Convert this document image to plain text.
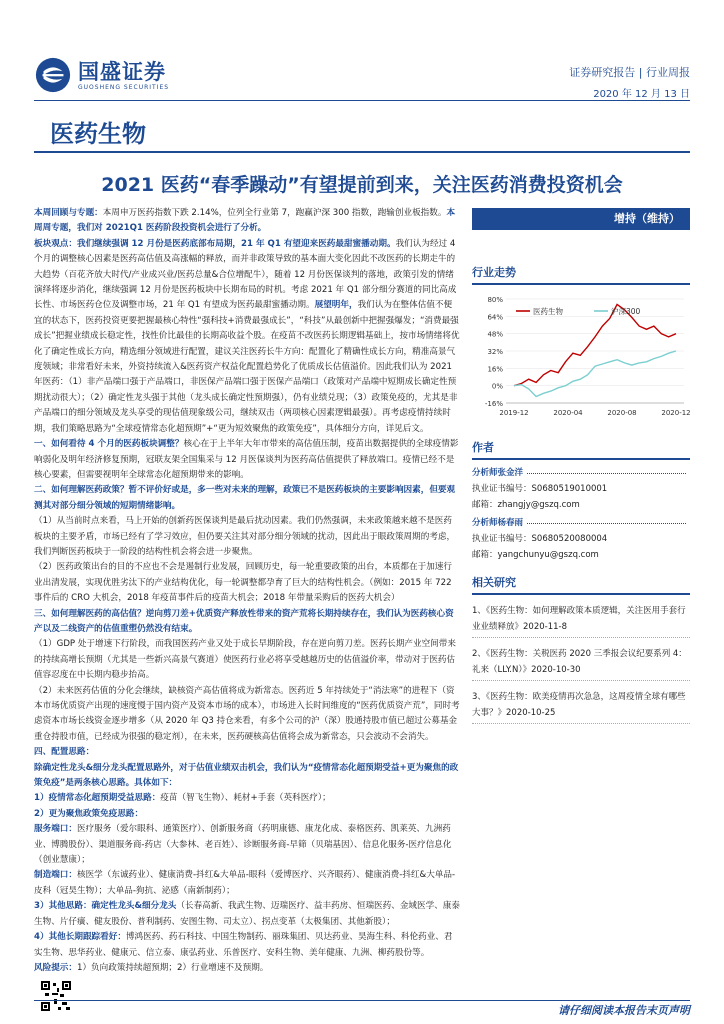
国盛证券
GUOSHENG SECURITIES
证券研究报告 | 行业周报
2020 年 12 月 13 日
医药生物
2021 医药“春季躁动”有望提前到来，关注医药消费投资机会

本周回顾与专题：本周申万医药指数下跌 2.14%，位列全行业第 7，跑赢沪深 300 指数，跑输创业板指数。本周周专题，我们对 2021Q1 医药阶段投资机会进行了分析。

板块观点：我们继续强调 12 月份是医药底部布局期，21 年 Q1 有望迎来医药最甜蜜播动期。我们认为经过 4 个月的调整核心因素是医药高估值及高涨幅的释放，而并非政策导致的基本面大变化因此不改医药的长期走牛的大趋势（百花齐放大时代/产业成兴业/医药总量&合位增配牛），随着 12 月份医保谈判的落地，政策引发的情绪演绎将逐步消化，继续强调 12 月份是医药板块中长期布局的时机。考虑 2021 年 Q1 部分细分赛道的同比高成长性、市场医药仓位及调整市场，21 年 Q1 有望成为医药最甜蜜播动期。展望明年，我们认为在整体估值不便宜的状态下，医药投资更要把握最核心特性“强科技+消费最强成长”，“科技”从最创新中把握强爆发；“消费最强成长”把握业绩成长稳定性，找性价比最佳的长期高收益个股。在疫苗不改医药长期逻辑基础上，按市场情绪将优化了确定性成长方向，精选细分领域进行配置，建议关注医药长牛方向：配置化了精确性成长方向，精准高景气度领域；非常看好未来，外资持续流入&医药资产权益化配置趋势化了优质成长估值溢价。因此我们认为 2021 年医药：（1）非产品端口强于产品端口，非医保产品端口强于医保产品端口（政策对产品端中短期成长确定性预期扰动很大）；（2）确定性龙头强于其他（龙头成长确定性预期强），仍有业绩兑现；（3）政策免疫的，尤其是非产品端口的细分领域及龙头享受的现估值现象级公司，继续双击（两项核心因素逻辑最强）。再考虑疫情持续时期，我们策略思路为“全球疫情常态化超预期”+“更为短效聚焦的政策免疫”，具体细分方向，详见后文。

一、如何看待 4 个月的医药板块调整？核心在于上半年大年市带来的高估值压制，疫苗出数据提供的全球疫情影响弱化及明年经济修复预期，冠联友架全国集采与 12 月医保谈判为医药高估值提供了释放端口。疫情已经不是核心要素，但需要视明年全球常态化超预期带来的影响。

二、如何理解医药政策？暂不评价好或是，多一些对未来的理解，政策已不是医药板块的主要影响因素，但要观测其对部分细分领域的短期情绪影响。

（1）从当前时点来看，马上开始的创新药医保谈判是最后扰动因素。我们仍然强调，未来政策越来越不是医药板块的主要矛盾，市场已经有了学习效应，但仍要关注其对部分细分领域的扰动，因此出于眼政策周期的考虑，我们判断医药板块于一阶段的结构性机会将会进一步聚焦。

（2）医药政策出台的目的不应也不会是遏制行业发展，回顾历史，每一轮重要政策的出台，本质都在于加速行业出清发展，实现优胜劣汰下的产业结构优化，每一轮调整都孕育了巨大的结构性机会。（例如：2015 年 722 事件后的 CRO 大机会，2018 年疫苗事件后的疫苗大机会；2018 年带量采购后的医药大机会）

三、如何理解医药的高估值？逆向剪刀差+优质资产释放性带来的资产荒将长期持续存在，我们认为医药核心资产以及二线资产的估值重塑仍然没有结束。

（1）GDP 处于增速下行阶段，而我国医药产业又处于成长早期阶段，存在逆向剪刀差。医药长期产业空间带来的持续高增长预期（尤其是一些新兴高景气赛道）使医药行业必将享受越越历史的估值溢价率，带动对于医药估值容忍度在中长期内稳步抬高。

（2）未来医药估值的分化会继续，缺核资产高估值将成为新常态。医药近 5 年持续处于“消法寒”的进程下（资本市场优质资产出现的速度慢于国内资产及资本市场的成本），市场进入长时间维度的“医药优质资产荒”，同时考虑资本市场长线资金逐步增多（从 2020 年 Q3 持仓来看，有多个公司的沪（深）股通持股市值已超过公募基金重仓持股市值，已经成为很强的稳定剂），在未来，医药硬核高估值将会成为新常态，只会波动不会消失。

四、配置思路：

除确定性龙头&细分龙头配置思路外，对于估值业绩双击机会，我们认为“疫情常态化超预期受益+更为聚焦的政策免疫”是两条核心思路。具体如下：

1）疫情常态化超预期受益思路：疫苗（智飞生物）、耗材+手套（英科医疗）；

2）更为聚焦政策免疫思路：

服务端口：医疗服务（爱尔眼科、通策医疗）、创新服务商（药明康德、康龙化成、泰格医药、凯莱英、九洲药业、博腾股份）、渠道服务商-药店（大参林、老百姓）、诊断服务商-早筛（贝瑞基因）、信息化服务-医疗信息化（创业慧康）；

制造端口：核医学（东诚药业）、健康消费-抖红&大单品-眼科（爱博医疗、兴齐眼药）、健康消费-抖红&大单品-皮科（冠昊生物）；大单品-狗抗、泌感（南新制药）；

3）其他思路：确定性龙头&细分龙头（长春高新、我武生物、迈瑞医疗、益丰药房、恒瑞医药、金域医学、康泰生物、片仔癀、健友股份、普利制药、安图生物、司太立）、拐点变革（太极集团、其他新股）；

4）其他长期跟踪看好：博鸿医药、药石科技、中国生物制药、丽珠集团、贝达药业、昊海生科、科伦药业、君实生物、思华药业、健康元、信立泰、康弘药业、乐普医疗、安科生物、美年健康、九洲、柳药股份等。

风险提示：1）负向政策持续超预期；2）行业增速不及预期。

增持（维持）
行业走势
80%
64%
48%
32%
16%
0%
-16%
2019-12	2020-04	2020-08	2020-12
医药生物	沪深300
作者
分析师 张金洋
执业证书编号：S0680519010001
邮箱：zhangjy@gszq.com
分析师 杨春雨
执业证书编号：S0680520080004
邮箱：yangchunyu@gszq.com
相关研究

1、《医药生物：如何理解政策本质逻辑，关注医用手套行业业绩释放》2020-11-8

2、《医药生物：关税医药 2020 三季报会议纪要系列 4：礼来（LLY.N）》2020-10-30

3、《医药生物：欧美疫情再次急急，这周疫情全球有哪些大事？》2020-10-25

请仔细阅读本报告末页声明
